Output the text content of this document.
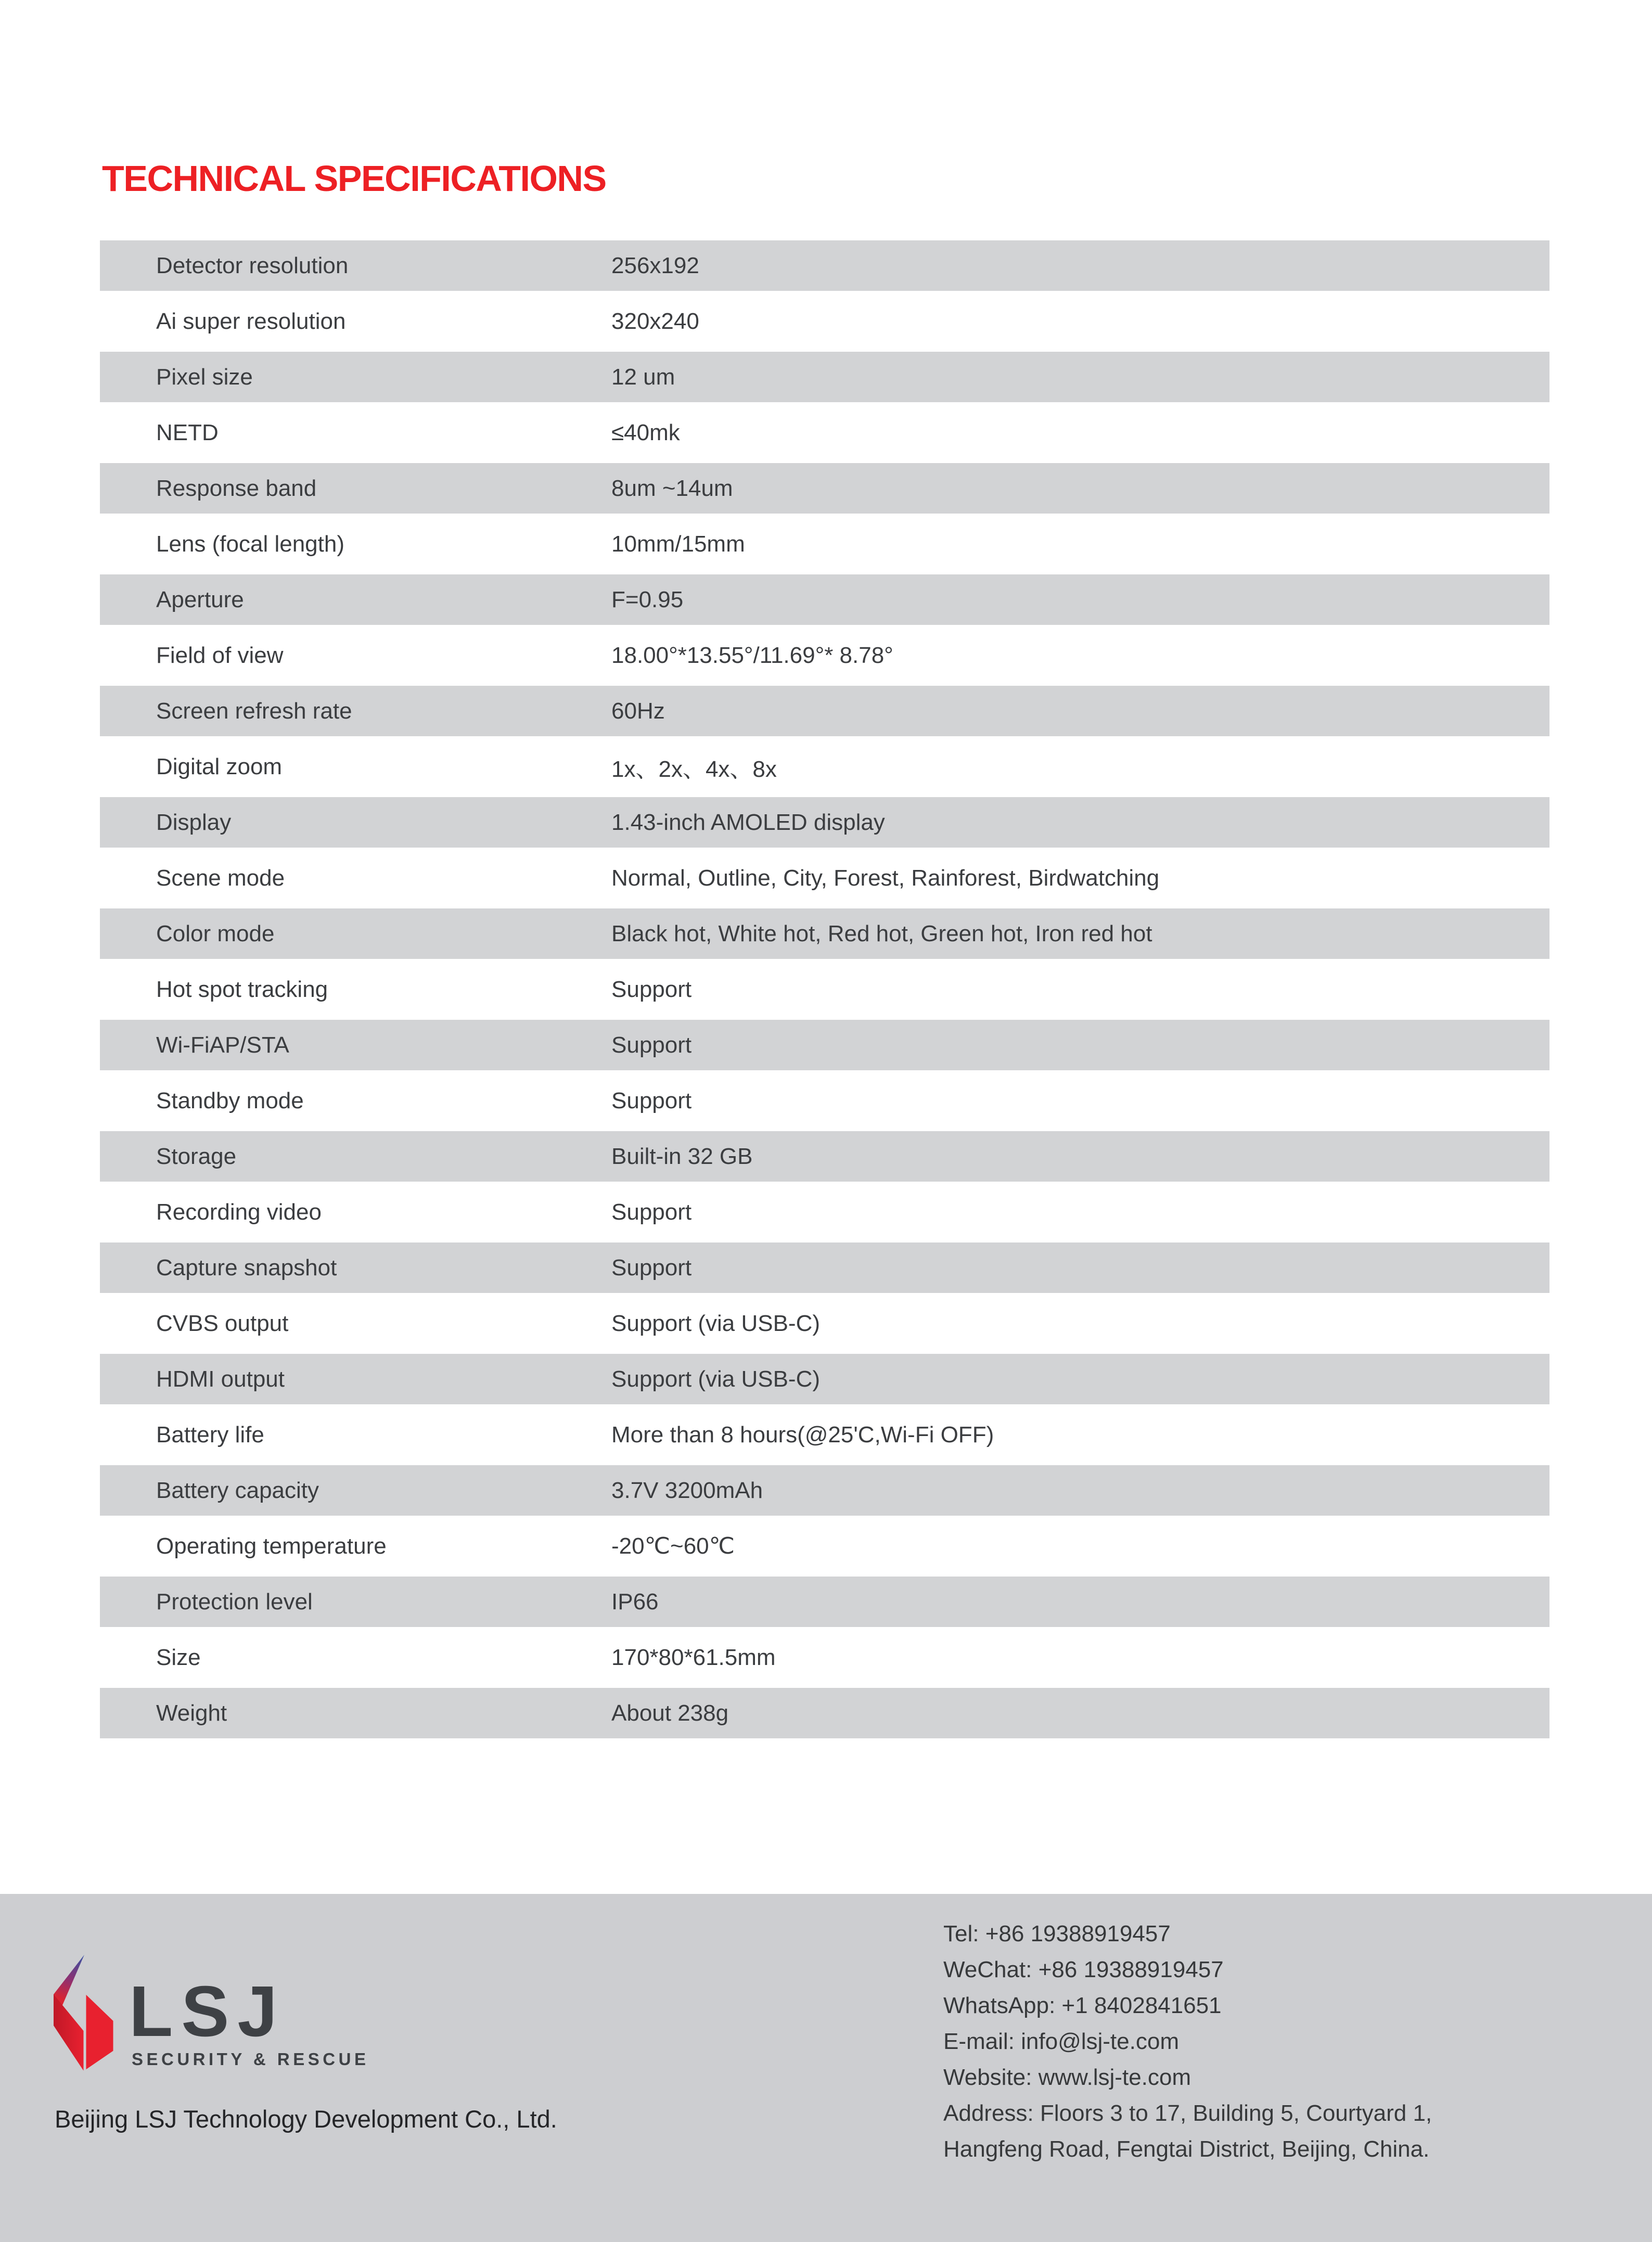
TECHNICAL SPECIFICATIONS
Detector resolution	256x192
Ai super resolution	320x240
Pixel size	12 um
NETD	≤40mk
Response band	8um ~14um
Lens (focal length)	10mm/15mm
Aperture	F=0.95
Field of view	18.00°*13.55°/11.69°* 8.78°
Screen refresh rate	60Hz
Digital zoom	1x、2x、4x、8x
Display	1.43-inch AMOLED display
Scene mode	Normal, Outline, City, Forest, Rainforest, Birdwatching
Color mode	Black hot, White hot, Red hot, Green hot, Iron red hot
Hot spot tracking	Support
Wi-FiAP/STA	Support
Standby mode	Support
Storage	Built-in 32 GB
Recording video	Support
Capture snapshot	Support
CVBS output	Support (via USB-C)
HDMI output	Support (via USB-C)
Battery life	More than 8 hours(@25'C,Wi-Fi OFF)
Battery capacity	3.7V 3200mAh
Operating temperature	-20℃~60℃
Protection level	IP66
Size	170*80*61.5mm
Weight	About 238g
LSJ
SECURITY & RESCUE
Beijing LSJ Technology Development Co., Ltd.
Tel: +86 19388919457
WeChat: +86 19388919457
WhatsApp: +1 8402841651
E-mail: info@lsj-te.com
Website: www.lsj-te.com
Address: Floors 3 to 17, Building 5, Courtyard 1,
Hangfeng Road, Fengtai District, Beijing, China.
